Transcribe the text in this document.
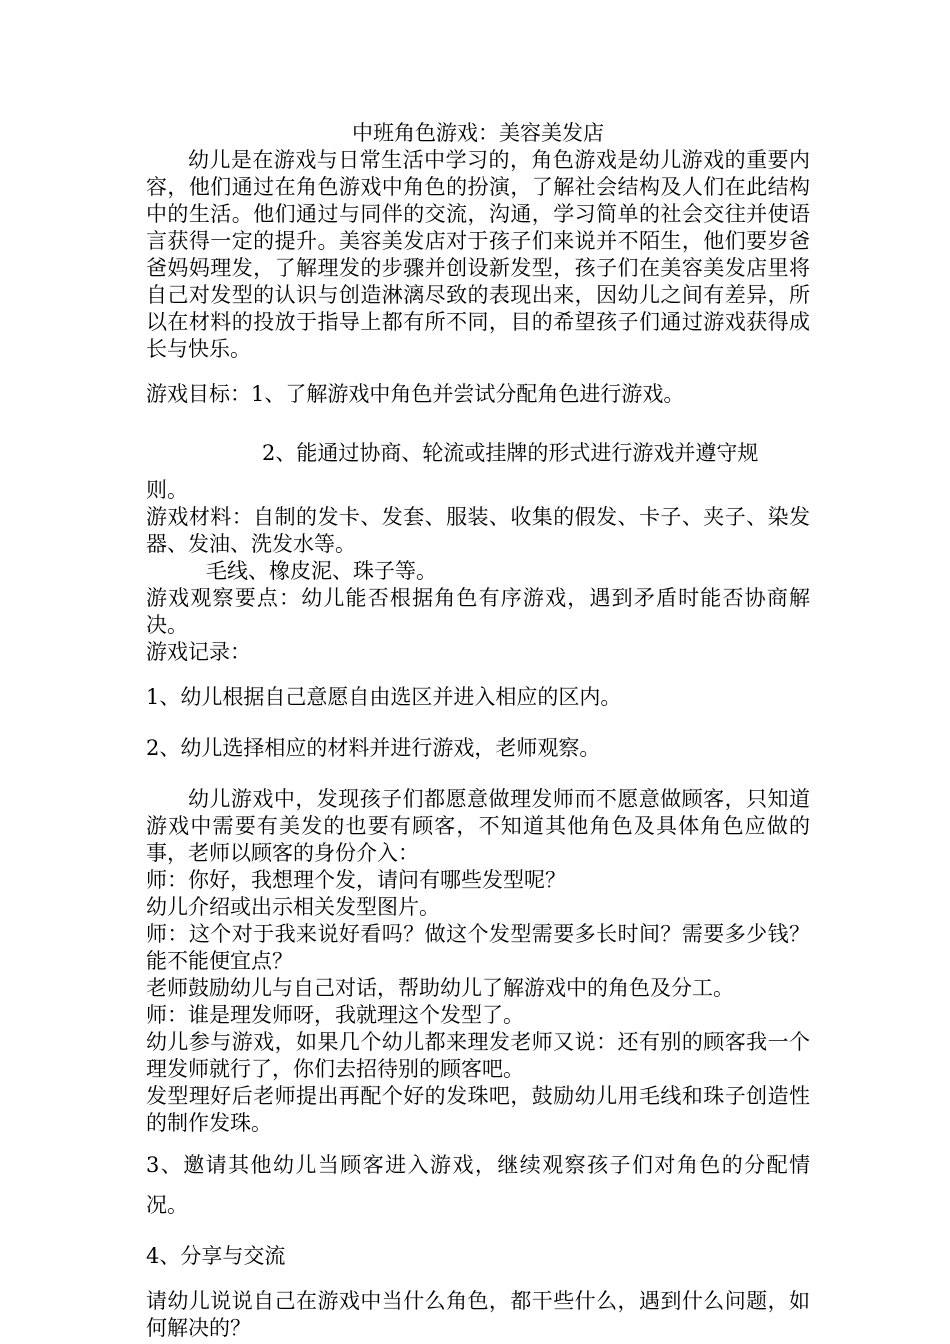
中班角色游戏：美容美发店

幼儿是在游戏与日常生活中学习的，角色游戏是幼儿游戏的重要内容，他们通过在角色游戏中角色的扮演，了解社会结构及人们在此结构中的生活。他们通过与同伴的交流，沟通，学习简单的社会交往并使语言获得一定的提升。美容美发店对于孩子们来说并不陌生，他们要岁爸爸妈妈理发，了解理发的步骤并创设新发型，孩子们在美容美发店里将自己对发型的认识与创造淋漓尽致的表现出来，因幼儿之间有差异，所以在材料的投放于指导上都有所不同，目的希望孩子们通过游戏获得成长与快乐。

游戏目标：1、了解游戏中角色并尝试分配角色进行游戏。

2、能通过协商、轮流或挂牌的形式进行游戏并遵守规

则。

游戏材料：自制的发卡、发套、服装、收集的假发、卡子、夹子、染发器、发油、洗发水等。

毛线、橡皮泥、珠子等。

游戏观察要点：幼儿能否根据角色有序游戏，遇到矛盾时能否协商解决。

游戏记录：

1、幼儿根据自己意愿自由选区并进入相应的区内。

2、幼儿选择相应的材料并进行游戏，老师观察。

幼儿游戏中，发现孩子们都愿意做理发师而不愿意做顾客，只知道游戏中需要有美发的也要有顾客，不知道其他角色及具体角色应做的事，老师以顾客的身份介入：

师：你好，我想理个发，请问有哪些发型呢？

幼儿介绍或出示相关发型图片。

师：这个对于我来说好看吗？做这个发型需要多长时间？需要多少钱？能不能便宜点？

老师鼓励幼儿与自己对话，帮助幼儿了解游戏中的角色及分工。

师：谁是理发师呀，我就理这个发型了。

幼儿参与游戏，如果几个幼儿都来理发老师又说：还有别的顾客我一个理发师就行了，你们去招待别的顾客吧。

发型理好后老师提出再配个好的发珠吧，鼓励幼儿用毛线和珠子创造性的制作发珠。

3、邀请其他幼儿当顾客进入游戏，继续观察孩子们对角色的分配情况。

4、分享与交流

请幼儿说说自己在游戏中当什么角色，都干些什么，遇到什么问题，如何解决的？
